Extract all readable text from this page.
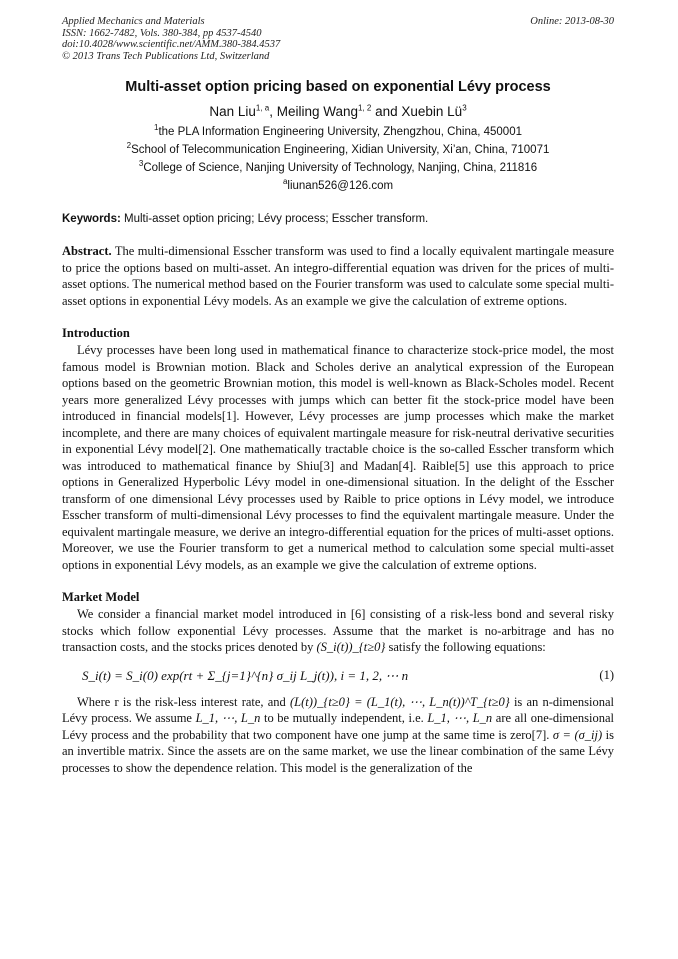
Applied Mechanics and Materials
ISSN: 1662-7482, Vols. 380-384, pp 4537-4540
doi:10.4028/www.scientific.net/AMM.380-384.4537
© 2013 Trans Tech Publications Ltd, Switzerland
Online: 2013-08-30
Multi-asset option pricing based on exponential Lévy process
Nan Liu$^{1, a}$, Meiling Wang$^{1, 2}$ and Xuebin $Lü^3$
$^1$the PLA Information Engineering University, Zhengzhou, China, 450001
$^2$School of Telecommunication Engineering, Xidian University, Xi’an, China, 710071
$^3$College of Science, Nanjing University of Technology, Nanjing, China, 211816
$^a$liunan526@126.com
Keywords: Multi-asset option pricing; Lévy process; Esscher transform.
Abstract. The multi-dimensional Esscher transform was used to find a locally equivalent martingale measure to price the options based on multi-asset. An integro-differential equation was driven for the prices of multi-asset options. The numerical method based on the Fourier transform was used to calculate some special multi-asset options in exponential Lévy models. As an example we give the calculation of extreme options.
Introduction
Lévy processes have been long used in mathematical finance to characterize stock-price model, the most famous model is Brownian motion. Black and Scholes derive an analytical expression of the European options based on the geometric Brownian motion, this model is well-known as Black-Scholes model. Recent years more generalized Lévy processes with jumps which can better fit the stock-price model have been introduced in financial models[1]. However, Lévy processes are jump processes which make the market incomplete, and there are many choices of equivalent martingale measure for risk-neutral derivative securities in exponential Lévy model[2]. One mathematically tractable choice is the so-called Esscher transform which was introduced to mathematical finance by Shiu[3] and Madan[4]. Raible[5] use this approach to price options in Generalized Hyperbolic Lévy model in one-dimensional situation. In the delight of the Esscher transform of one dimensional Lévy processes used by Raible to price options in Lévy model, we introduce Esscher transform of multi-dimensional Lévy processes to find the equivalent martingale measure. Under the equivalent martingale measure, we derive an integro-differential equation for the prices of multi-asset options. Moreover, we use the Fourier transform to get a numerical method to calculation some special multi-asset options in exponential Lévy models, as an example we give the calculation of extreme options.
Market Model
We consider a financial market model introduced in [6] consisting of a risk-less bond and several risky stocks which follow exponential Lévy processes. Assume that the market is no-arbitrage and has no transaction costs, and the stocks prices denoted by (S_i(t))_{t≥0} satisfy the following equations:
S_i(t) = S_i(0) exp(rt + Σ_{j=1}^{n} σ_ij L_j(t)), i = 1, 2, ⋯ n	(1)
Where r is the risk-less interest rate, and (L(t))_{t≥0} = (L_1(t), ⋯, L_n(t))^T_{t≥0} is an n-dimensional Lévy process. We assume L_1, ⋯, L_n to be mutually independent, i.e. L_1, ⋯, L_n are all one-dimensional Lévy process and the probability that two component have one jump at the same time is zero[7]. σ = (σ_ij) is an invertible matrix. Since the assets are on the same market, we use the linear combination of the same Lévy processes to show the dependence relation. This model is the generalization of the
